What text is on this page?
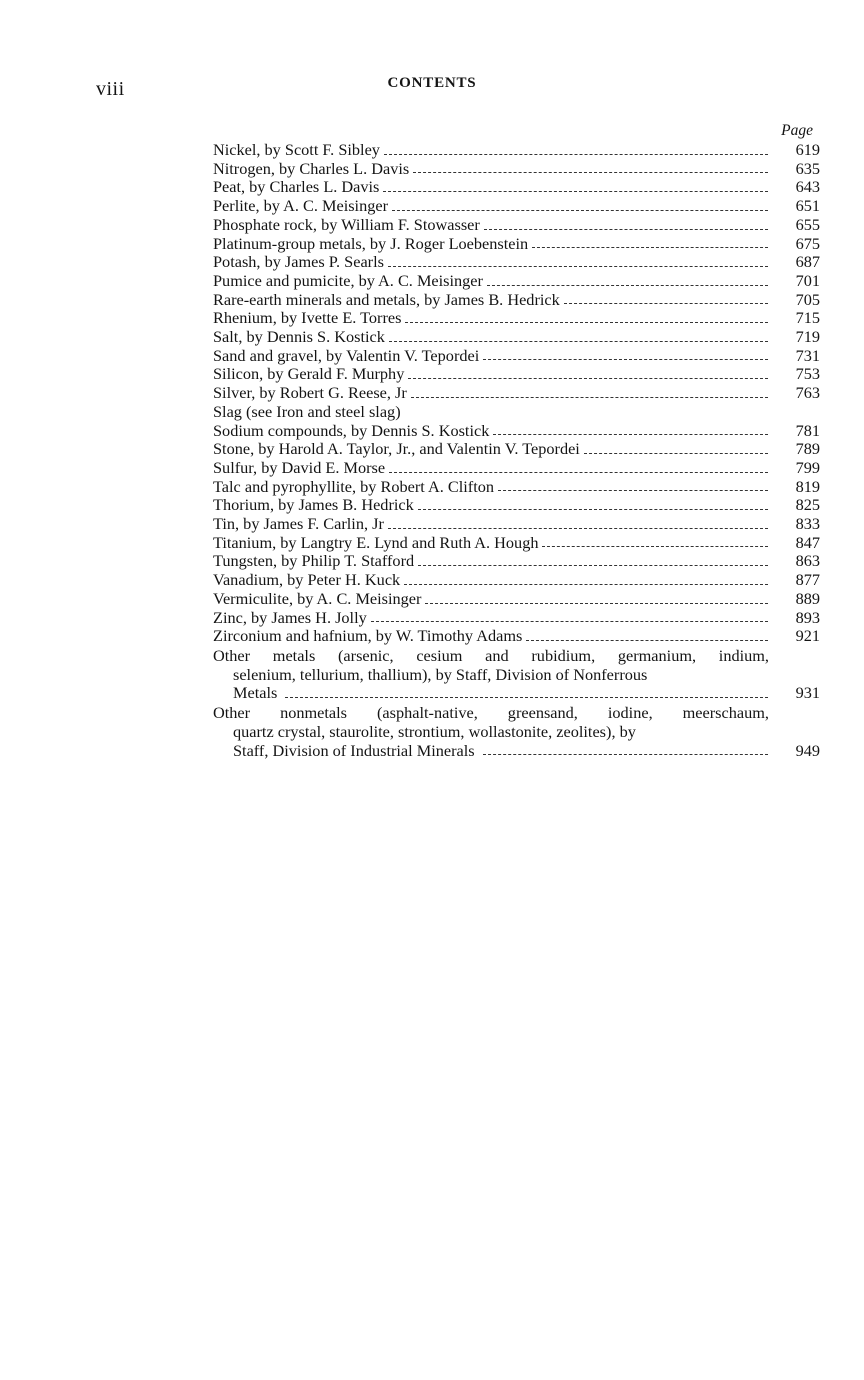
viii	CONTENTS
Page
Nickel, by Scott F. Sibley	619
Nitrogen, by Charles L. Davis	635
Peat, by Charles L. Davis	643
Perlite, by A. C. Meisinger	651
Phosphate rock, by William F. Stowasser	655
Platinum-group metals, by J. Roger Loebenstein	675
Potash, by James P. Searls	687
Pumice and pumicite, by A. C. Meisinger	701
Rare-earth minerals and metals, by James B. Hedrick	705
Rhenium, by Ivette E. Torres	715
Salt, by Dennis S. Kostick	719
Sand and gravel, by Valentin V. Tepordei	731
Silicon, by Gerald F. Murphy	753
Silver, by Robert G. Reese, Jr	763
Slag (see Iron and steel slag)
Sodium compounds, by Dennis S. Kostick	781
Stone, by Harold A. Taylor, Jr., and Valentin V. Tepordei	789
Sulfur, by David E. Morse	799
Talc and pyrophyllite, by Robert A. Clifton	819
Thorium, by James B. Hedrick	825
Tin, by James F. Carlin, Jr	833
Titanium, by Langtry E. Lynd and Ruth A. Hough	847
Tungsten, by Philip T. Stafford	863
Vanadium, by Peter H. Kuck	877
Vermiculite, by A. C. Meisinger	889
Zinc, by James H. Jolly	893
Zirconium and hafnium, by W. Timothy Adams	921
Other metals (arsenic, cesium and rubidium, germanium, indium,
selenium, tellurium, thallium), by Staff, Division of Nonferrous
Metals	931
Other nonmetals (asphalt-native, greensand, iodine, meerschaum,
quartz crystal, staurolite, strontium, wollastonite, zeolites), by
Staff, Division of Industrial Minerals	949
